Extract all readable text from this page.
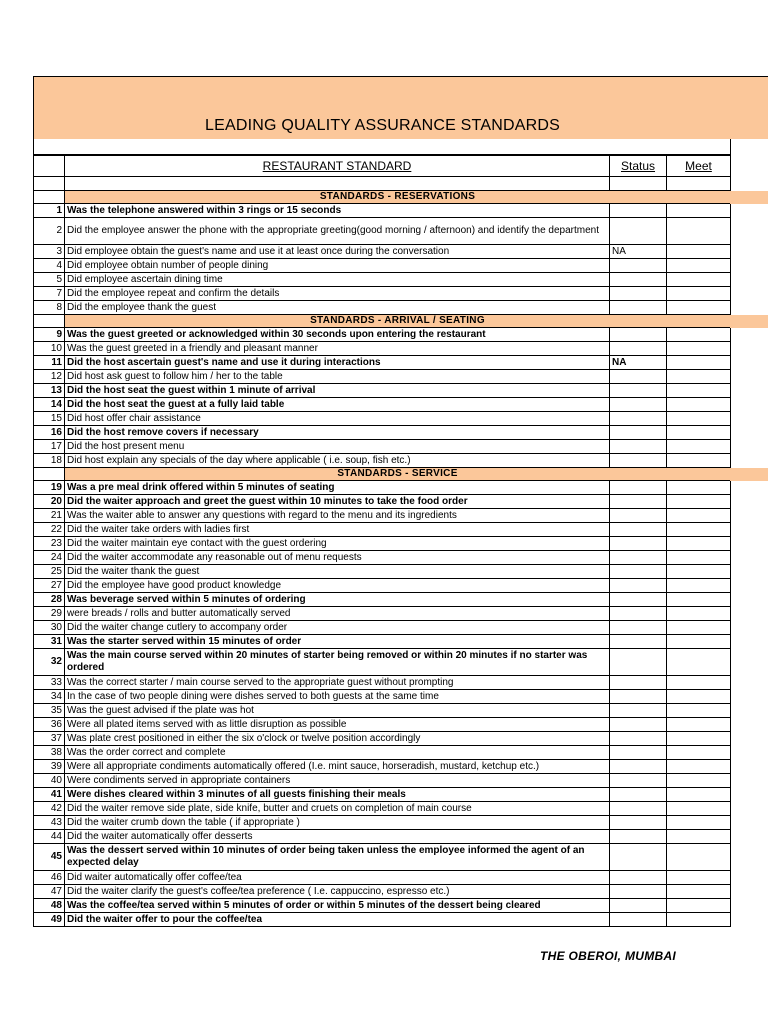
LEADING QUALITY ASSURANCE STANDARDS
	RESTAURANT STANDARD	Status	Meet

	STANDARDS - RESERVATIONS		
1	Was the telephone answered within 3 rings or 15 seconds		
2	Did the employee answer the phone with the appropriate greeting(good morning / afternoon) and identify the department		
3	Did employee obtain the guest's name and use it at least once during the conversation	NA	
4	Did employee obtain number of people dining		
5	Did employee ascertain dining time		
7	Did the employee repeat and confirm the details		
8	Did the employee thank the guest		
	STANDARDS - ARRIVAL / SEATING		
9	Was the guest greeted or acknowledged within 30 seconds upon entering the restaurant		
10	Was the guest greeted in a friendly and pleasant manner		
11	Did the host ascertain guest's name and use it during interactions	NA	
12	Did host ask guest to follow him / her to the table		
13	Did the host seat the guest within 1 minute of arrival		
14	Did the host seat the guest at a fully laid table		
15	Did host offer chair assistance		
16	Did the host remove covers if necessary		
17	Did the host present menu		
18	Did host explain any specials of the day where applicable ( i.e. soup, fish etc.)		
	STANDARDS - SERVICE		
19	Was a pre meal drink offered within 5 minutes of seating		
20	Did the waiter approach and greet the guest within 10 minutes to take the food order		
21	Was the waiter able to answer any questions with regard to the menu and its ingredients		
22	Did the waiter take orders with ladies first		
23	Did the waiter maintain eye contact with the guest ordering		
24	Did the waiter accommodate any reasonable out of menu requests		
25	Did the waiter thank the guest		
27	Did the employee have good product knowledge		
28	Was beverage served within 5 minutes of ordering		
29	were breads / rolls and butter automatically served		
30	Did the waiter change cutlery to accompany order		
31	Was the starter served within 15 minutes of order		
32	Was the main course served within 20 minutes of starter being removed or within 20 minutes if no starter was ordered		
33	Was the correct starter / main course served to the appropriate guest without prompting		
34	In the case of two people dining were dishes served to both guests at the same time		
35	Was the guest advised if the plate was hot		
36	Were all plated items served with as little disruption as possible		
37	Was plate crest positioned in either the six o'clock or twelve position accordingly		
38	Was the order correct and complete		
39	Were all appropriate condiments automatically offered (I.e. mint sauce, horseradish, mustard, ketchup etc.)		
40	Were condiments served in appropriate containers		
41	Were dishes cleared within 3 minutes of all guests finishing their meals		
42	Did the waiter remove side plate, side knife, butter and cruets on completion of main course		
43	Did the waiter crumb down the table ( if appropriate )		
44	Did the waiter automatically offer desserts		
45	Was the dessert served within 10 minutes of order being taken unless the employee informed the agent of an expected delay		
46	Did waiter automatically offer coffee/tea		
47	Did the waiter clarify the guest's coffee/tea preference ( I.e. cappuccino, espresso etc.)		
48	Was the coffee/tea served within 5 minutes of order or within 5 minutes of the dessert being cleared		
49	Did the waiter offer to pour the coffee/tea		
THE OBEROI, MUMBAI
